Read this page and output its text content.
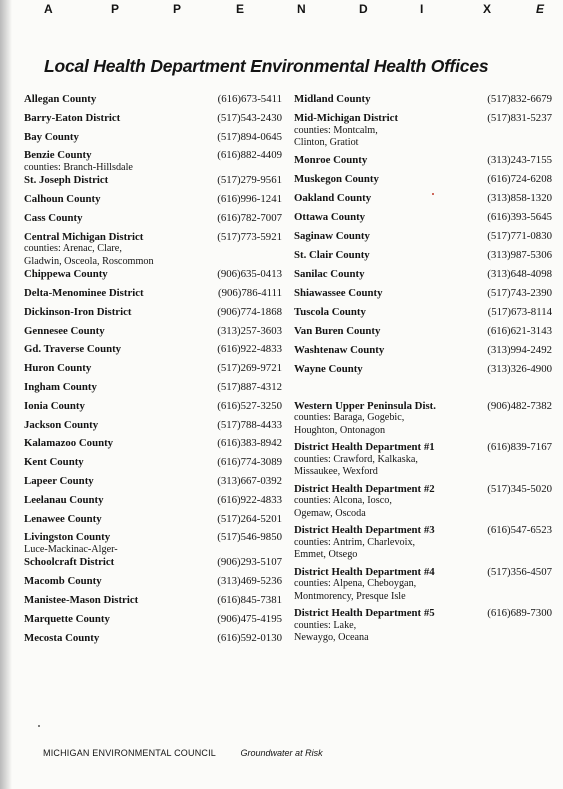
A	P	P	E	N	D	I	X	E
Local Health Department Environmental Health Offices
Allegan County	(616)673-5411
Barry-Eaton District	(517)543-2430
Bay County	(517)894-0645
Benzie County	(616)882-4409
counties: Branch-Hillsdale
St. Joseph District	(517)279-9561
Calhoun County	(616)996-1241
Cass County	(616)782-7007
Central Michigan District	(517)773-5921
counties: Arenac, Clare,
Gladwin, Osceola, Roscommon
Chippewa County	(906)635-0413
Delta-Menominee District	(906)786-4111
Dickinson-Iron District	(906)774-1868
Gennesee County	(313)257-3603
Gd. Traverse County	(616)922-4833
Huron County	(517)269-9721
Ingham County	(517)887-4312
Ionia County	(616)527-3250
Jackson County	(517)788-4433
Kalamazoo County	(616)383-8942
Kent County	(616)774-3089
Lapeer County	(313)667-0392
Leelanau County	(616)922-4833
Lenawee County	(517)264-5201
Livingston County	(517)546-9850
Luce-Mackinac-Alger-
Schoolcraft District	(906)293-5107
Macomb County	(313)469-5236
Manistee-Mason District	(616)845-7381
Marquette County	(906)475-4195
Mecosta County	(616)592-0130
Midland County	(517)832-6679
Mid-Michigan District	(517)831-5237
counties: Montcalm,
Clinton, Gratiot
Monroe County	(313)243-7155
Muskegon County	(616)724-6208
Oakland County	(313)858-1320
Ottawa County	(616)393-5645
Saginaw County	(517)771-0830
St. Clair County	(313)987-5306
Sanilac County	(313)648-4098
Shiawassee County	(517)743-2390
Tuscola County	(517)673-8114
Van Buren County	(616)621-3143
Washtenaw County	(313)994-2492
Wayne County	(313)326-4900
Western Upper Peninsula Dist.	(906)482-7382
counties: Baraga, Gogebic,
Houghton, Ontonagon
District Health Department #1	(616)839-7167
counties: Crawford, Kalkaska,
Missaukee, Wexford
District Health Department #2	(517)345-5020
counties: Alcona, Iosco,
Ogemaw, Oscoda
District Health Department #3	(616)547-6523
counties: Antrim, Charlevoix,
Emmet, Otsego
District Health Department #4	(517)356-4507
counties: Alpena, Cheboygan,
Montmorency, Presque Isle
District Health Department #5	(616)689-7300
counties: Lake,
Newaygo, Oceana
MICHIGAN ENVIRONMENTAL COUNCIL	Groundwater at Risk
